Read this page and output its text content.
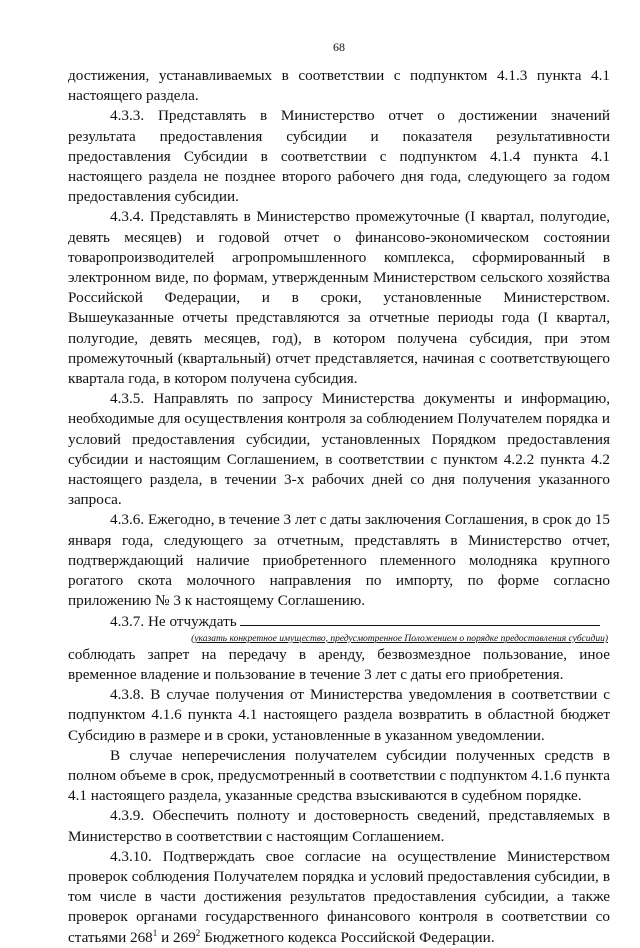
68

достижения, устанавливаемых в соответствии с подпунктом 4.1.3 пункта 4.1 настоящего раздела.

4.3.3. Представлять в Министерство отчет о достижении значений результата предоставления субсидии и показателя результативности предоставления Субсидии в соответствии с подпунктом 4.1.4 пункта 4.1 настоящего раздела не позднее второго рабочего дня года, следующего за годом предоставления субсидии.

4.3.4. Представлять в Министерство промежуточные (I квартал, полугодие, девять месяцев) и годовой отчет о финансово-экономическом состоянии товаропроизводителей агропромышленного комплекса, сформированный в электронном виде, по формам, утвержденным Министерством сельского хозяйства Российской Федерации, и в сроки, установленные Министерством. Вышеуказанные отчеты представляются за отчетные периоды года (I квартал, полугодие, девять месяцев, год), в котором получена субсидия, при этом промежуточный (квартальный) отчет представляется, начиная с соответствующего квартала года, в котором получена субсидия.

4.3.5. Направлять по запросу Министерства документы и информацию, необходимые для осуществления контроля за соблюдением Получателем порядка и условий предоставления субсидии, установленных Порядком предоставления субсидии и настоящим Соглашением, в соответствии с пунктом 4.2.2 пункта 4.2 настоящего раздела, в течении 3-х рабочих дней со дня получения указанного запроса.

4.3.6. Ежегодно, в течение 3 лет с даты заключения Соглашения, в срок до 15 января года, следующего за отчетным, представлять в Министерство отчет, подтверждающий наличие приобретенного племенного молодняка крупного рогатого скота молочного направления по импорту, по форме согласно приложению № 3 к настоящему Соглашению.

4.3.7. Не отчуждать

(указать конкретное имущество, предусмотренное Положением о порядке предоставления субсидии)

соблюдать запрет на передачу в аренду, безвозмездное пользование, иное временное владение и пользование в течение 3 лет с даты его приобретения.

4.3.8. В случае получения от Министерства уведомления в соответствии с подпунктом 4.1.6 пункта 4.1 настоящего раздела возвратить в областной бюджет Субсидию в размере и в сроки, установленные в указанном уведомлении.

В случае неперечисления получателем субсидии полученных средств в полном объеме в срок, предусмотренный в соответствии с подпунктом 4.1.6 пункта 4.1 настоящего раздела, указанные средства взыскиваются в судебном порядке.

4.3.9. Обеспечить полноту и достоверность сведений, представляемых в Министерство в соответствии с настоящим Соглашением.

4.3.10. Подтверждать свое согласие на осуществление Министерством проверок соблюдения Получателем порядка и условий предоставления субсидии, в том числе в части достижения результатов предоставления субсидии, а также проверок органами государственного финансового контроля в соответствии со статьями $268^1$ и $269^2$ Бюджетного кодекса Российской Федерации.
